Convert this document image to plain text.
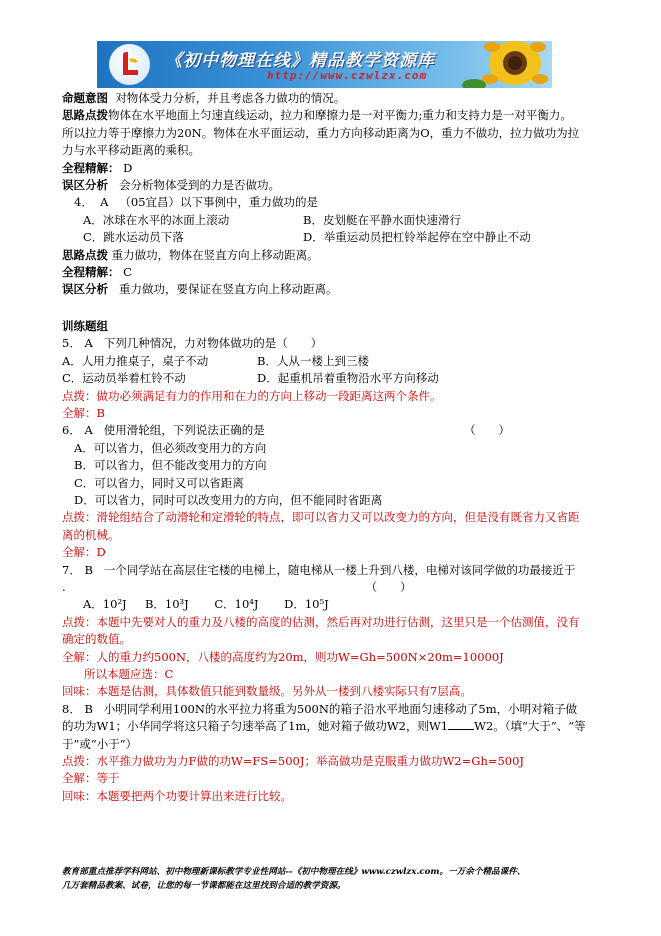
《初中物理在线》精品教学资源库
http://www.czwlzx.com

命题意图 对物体受力分析，并且考虑各力做功的情况。

思路点拨物体在水平地面上匀速直线运动，拉力和摩擦力是一对平衡力;重力和支持力是一对平衡力。

所以拉力等于摩擦力为20N。物体在水平面运动，重力方向移动距离为O，重力不做功，拉力做功为拉

力与水平移动距离的乘积。

全程精解： D

误区分析 会分析物体受到的力是否做功。

4． A （05宜昌）以下事例中，重力做功的是

A．冰球在水平的冰面上滚动	B．皮划艇在平静水面快速滑行
C．跳水运动员下落	D．举重运动员把杠铃举起停在空中静止不动

思路点拨 重力做功，物体在竖直方向上移动距离。

全程精解： C

误区分析 重力做功，要保证在竖直方向上移动距离。

训练题组

5． A 下列几种情况，力对物体做功的是（　　）

A．人用力推桌子，桌子不动	B．人从一楼上到三楼
C．运动员举着杠铃不动	D．起重机吊着重物沿水平方向移动

点拨：做功必须满足有力的作用和在力的方向上移动一段距离这两个条件。

全解：B

6． A 使用滑轮组，下列说法正确的是	（　　）

A．可以省力，但必须改变用力的方向

B．可以省力，但不能改变用力的方向

C．可以省力，同时又可以省距离

D．可以省力，同时可以改变用力的方向，但不能同时省距离

点拨：滑轮组结合了动滑轮和定滑轮的特点，即可以省力又可以改变力的方向，但是没有既省力又省距

离的机械。

全解：D

7． B 一个同学站在高层住宅楼的电梯上，随电梯从一楼上升到八楼，电梯对该同学做的功最接近于

.	（　　）

A．10²J B．10³J C．10⁴J D．10⁵J

点拨：本题中先要对人的重力及八楼的高度的估测，然后再对功进行估测，这里只是一个估测值，没有

确定的数值。

全解：人的重力约500N，八楼的高度约为20m，则功W=Gh=500N×20m=10000J

所以本题应选：C

回味：本题是估测，具体数值只能到数量级。另外从一楼到八楼实际只有7层高。

8． B 小明同学利用100N的水平拉力将重为500N的箱子沿水平地面匀速移动了5m，小明对箱子做

的功为W1；小华同学将这只箱子匀速举高了1m，她对箱子做功W2，则W1 W2。（填“大于”、“等

于”或“小于”）

点拨：水平推力做功为力F做的功W=FS=500J；举高做功是克服重力做功W2=Gh=500J

全解：等于

回味：本题要把两个功要计算出来进行比较。

教育部重点推荐学科网站、初中物理新课标教学专业性网站--《初中物理在线》www.czwlzx.com。一万余个精品课件、
几万套精品教案、试卷，让您的每一节课都能在这里找到合适的教学资源。
